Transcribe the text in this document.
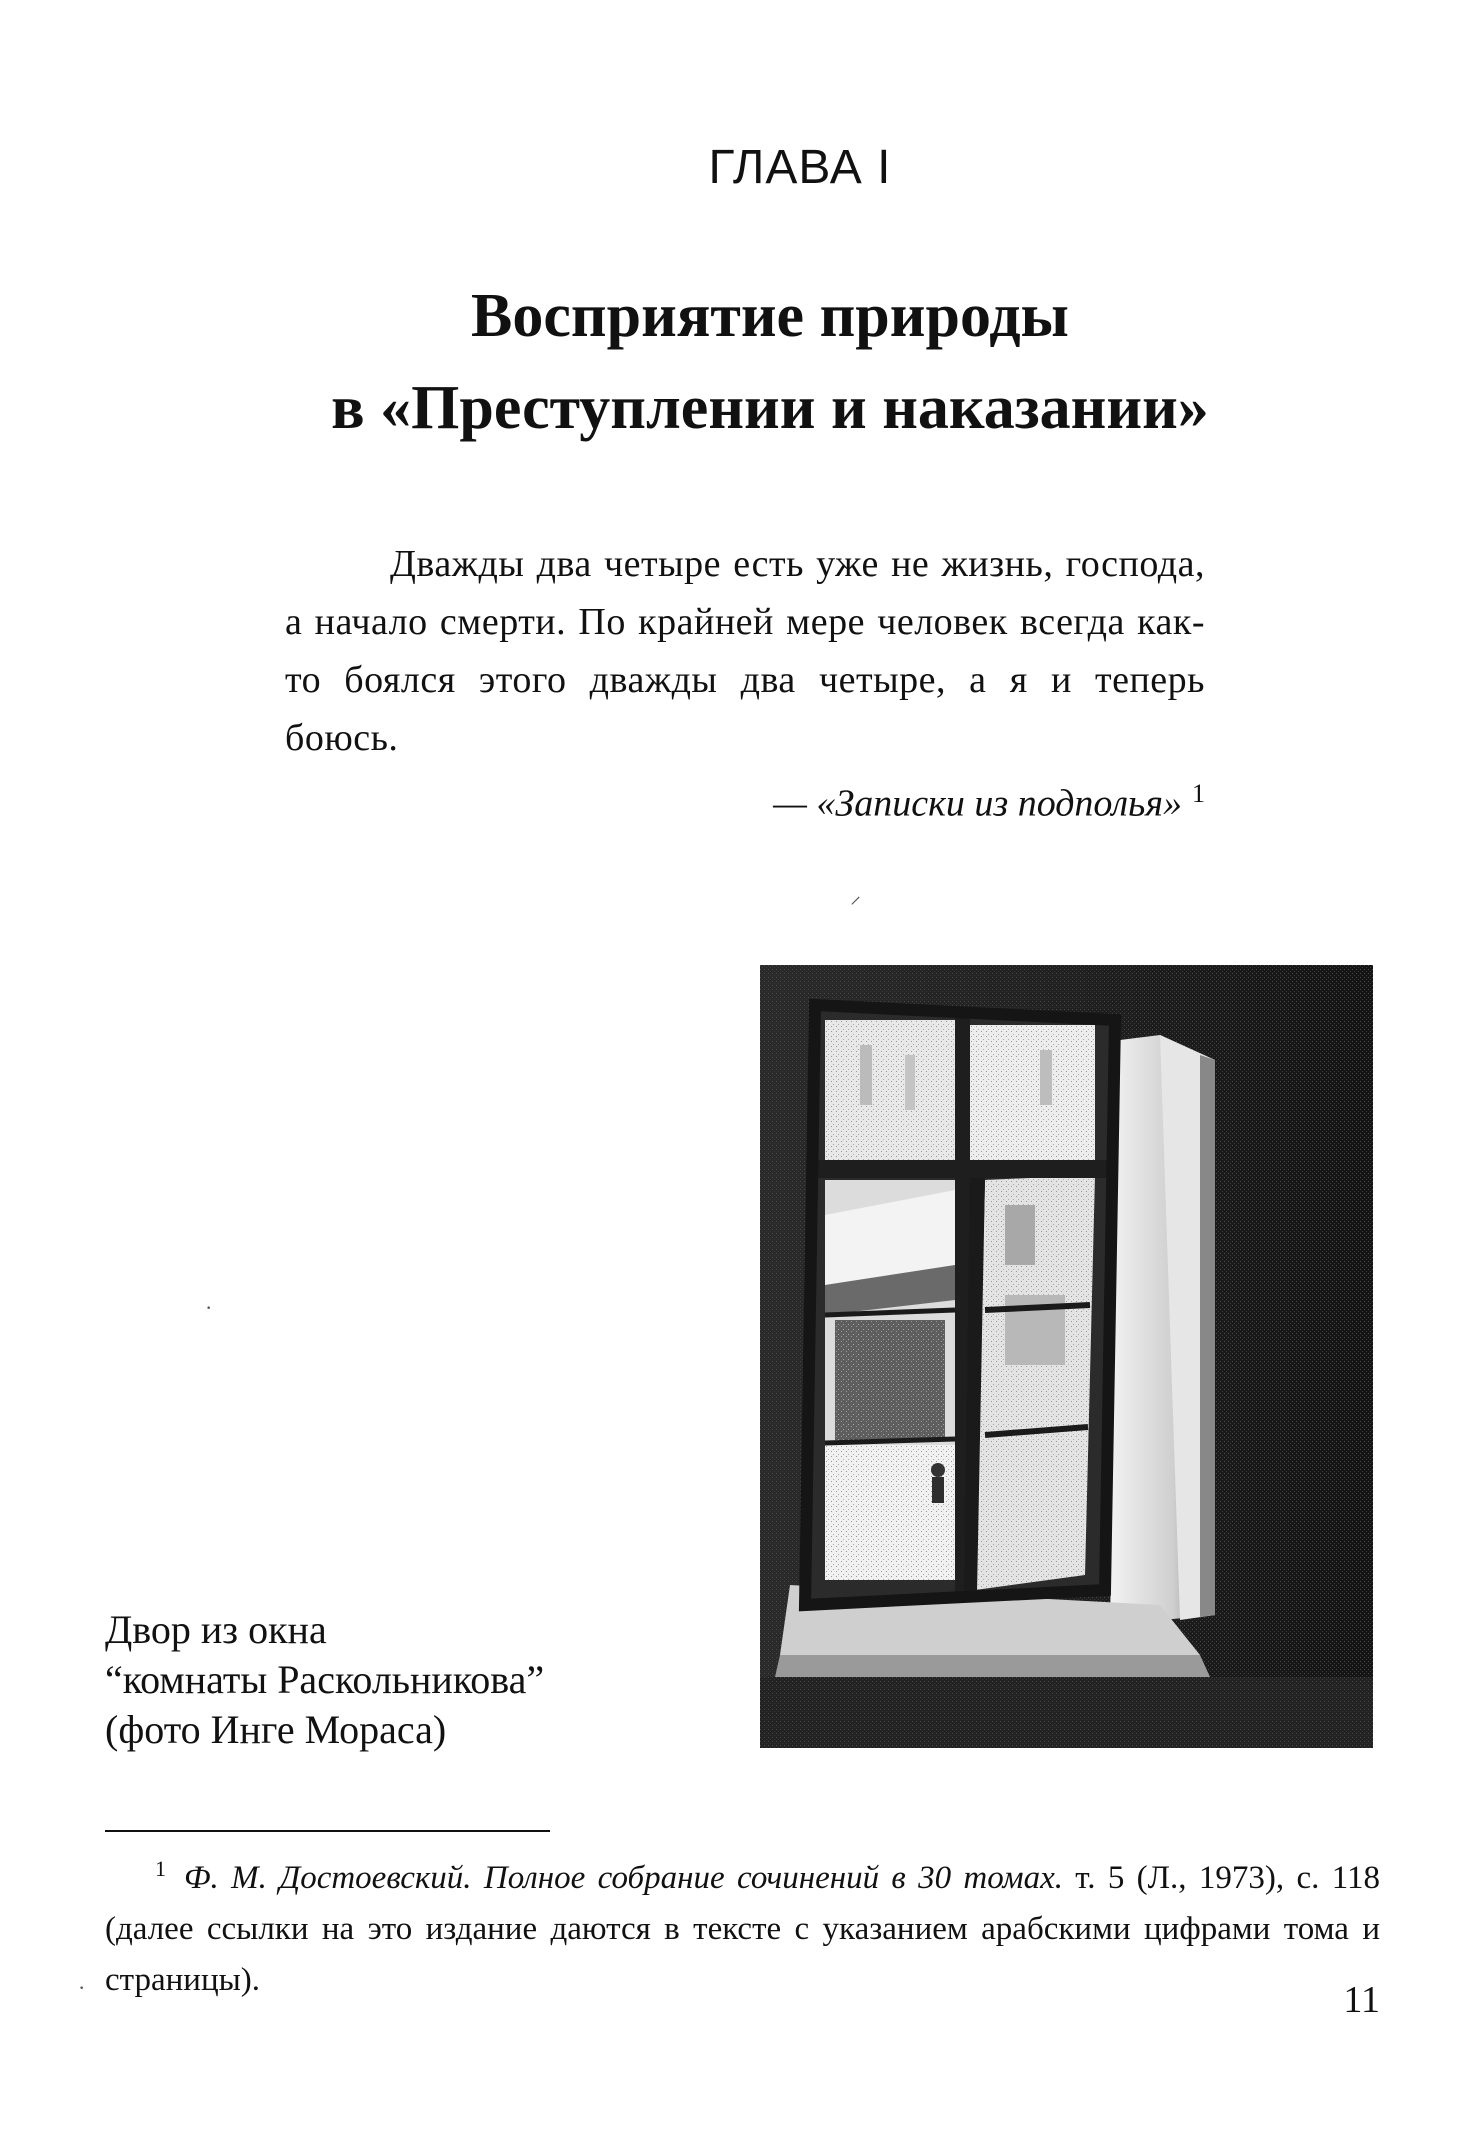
ГЛАВА I
Восприятие природы
в «Преступлении и наказании»
Дважды два четыре есть уже не жизнь, господа, а начало смерти. По крайней мере человек всегда как-то боялся этого дважды два четыре, а я и теперь боюсь.
— «Записки из подполья» $^1$
⸝
·
·
Двор из окна
“комнаты Раскольникова”
(фото Инге Мораса)
$^1$ Ф. М. Достоевский. Полное собрание сочинений в 30 томах. т. 5 (Л., 1973), с. 118 (далее ссылки на это издание даются в тексте с указанием арабскими цифрами тома и страницы).	11
